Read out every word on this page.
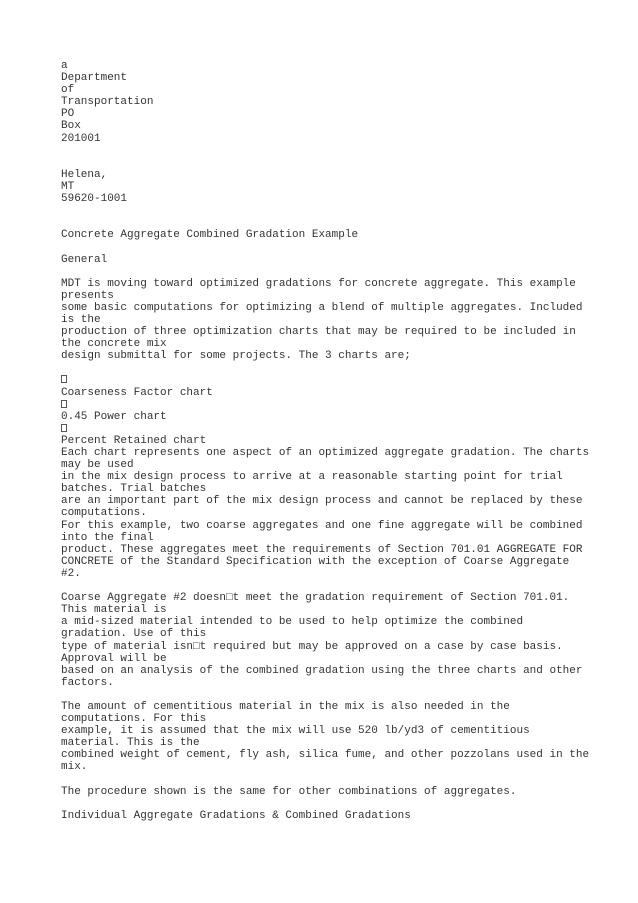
a
Department
of
Transportation
PO
Box
201001
Helena,
MT
59620-1001
Concrete Aggregate Combined Gradation Example
General
MDT is moving toward optimized gradations for concrete aggregate. This example
presents
some basic computations for optimizing a blend of multiple aggregates. Included
is the
production of three optimization charts that may be required to be included in
the concrete mix
design submittal for some projects. The 3 charts are;
Coarseness Factor chart
0.45 Power chart
Percent Retained chart
Each chart represents one aspect of an optimized aggregate gradation. The charts
may be used
in the mix design process to arrive at a reasonable starting point for trial
batches. Trial batches
are an important part of the mix design process and cannot be replaced by these
computations.
For this example, two coarse aggregates and one fine aggregate will be combined
into the final
product. These aggregates meet the requirements of Section 701.01 AGGREGATE FOR
CONCRETE of the Standard Specification with the exception of Coarse Aggregate
#2.
Coarse Aggregate #2 doesn□t meet the gradation requirement of Section 701.01.
This material is
a mid-sized material intended to be used to help optimize the combined
gradation. Use of this
type of material isn□t required but may be approved on a case by case basis.
Approval will be
based on an analysis of the combined gradation using the three charts and other
factors.
The amount of cementitious material in the mix is also needed in the
computations. For this
example, it is assumed that the mix will use 520 lb/yd3 of cementitious
material. This is the
combined weight of cement, fly ash, silica fume, and other pozzolans used in the
mix.
The procedure shown is the same for other combinations of aggregates.
Individual Aggregate Gradations & Combined Gradations
